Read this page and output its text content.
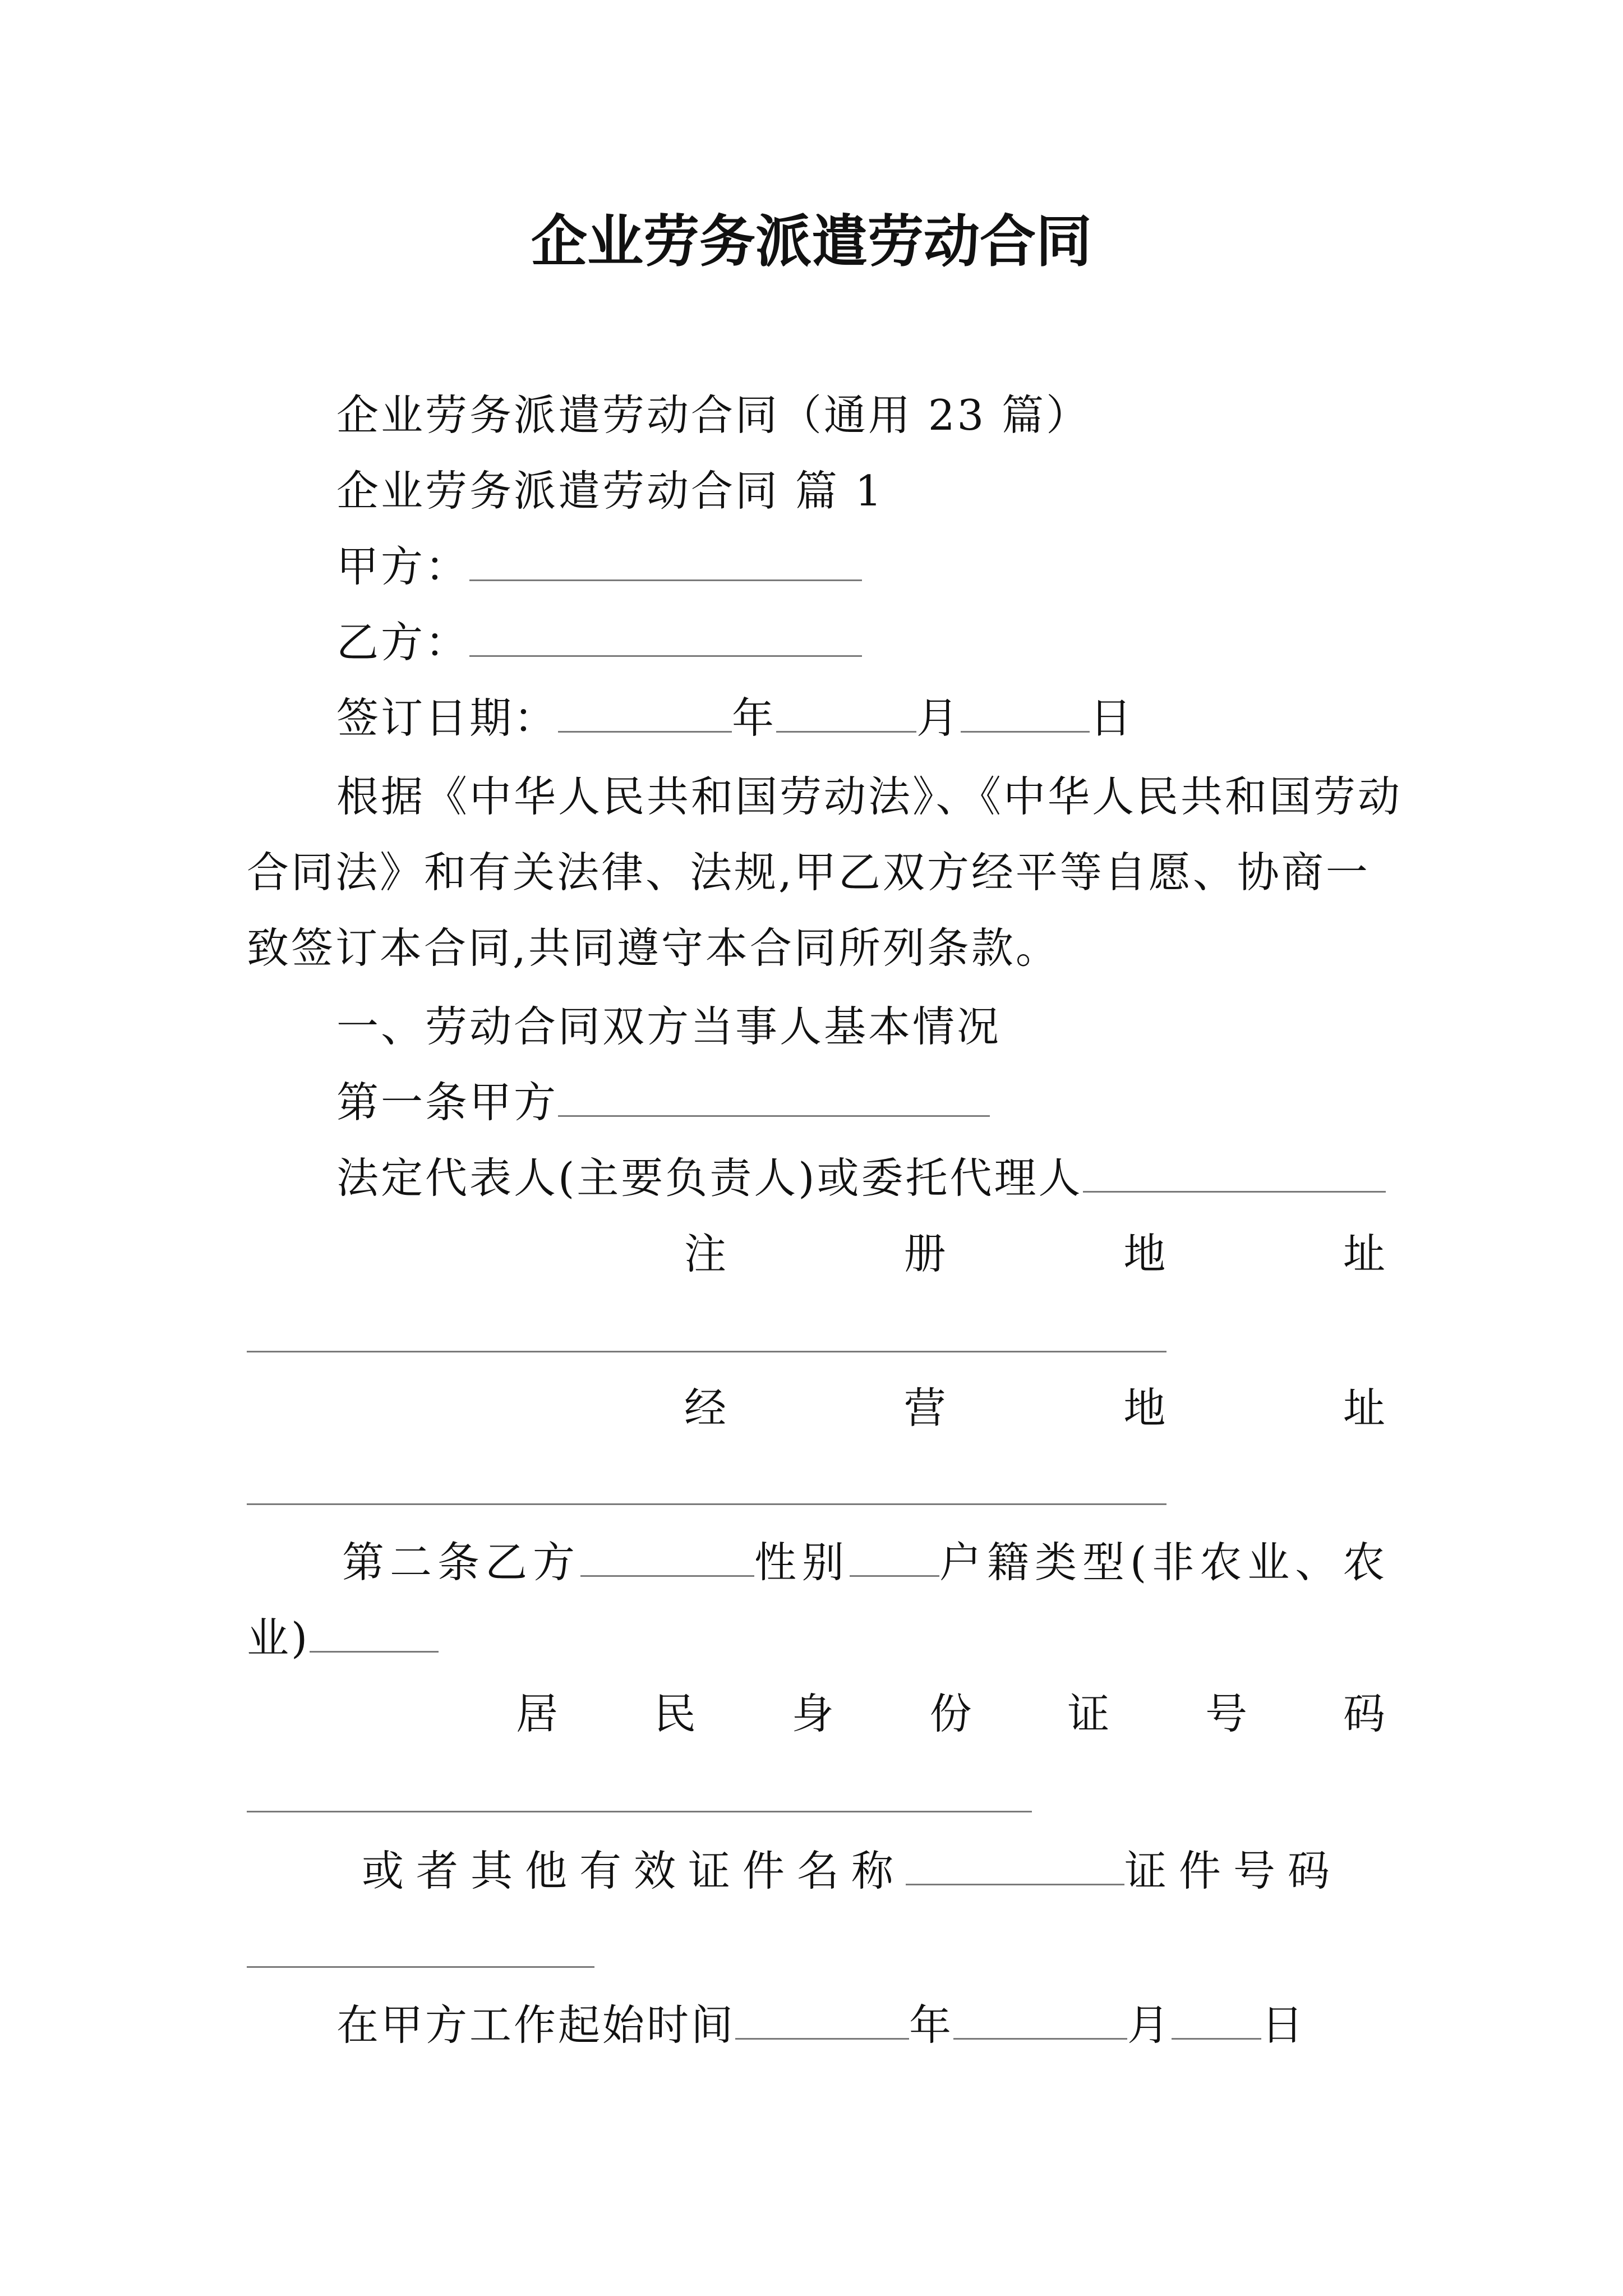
企业劳务派遣劳动合同
企业劳务派遣劳动合同（通用 23 篇）
企业劳务派遣劳动合同 篇 1
甲方：
乙方：
签订日期：	年	月	日
根据《中华人民共和国劳动法》、《中华人民共和国劳动
合同法》和有关法律、法规,甲乙双方经平等自愿、协商一
致签订本合同,共同遵守本合同所列条款。
一、劳动合同双方当事人基本情况
第一条甲方
法定代表人(主要负责人)或委托代理人
注	册	地	址
经	营	地	址
第二条乙方	性别 户籍类型(非农业、农
业)
居 民 身 份 证 号 码
或者其他有效证件名称	证件号码
在甲方工作起始时间	年	月 日
